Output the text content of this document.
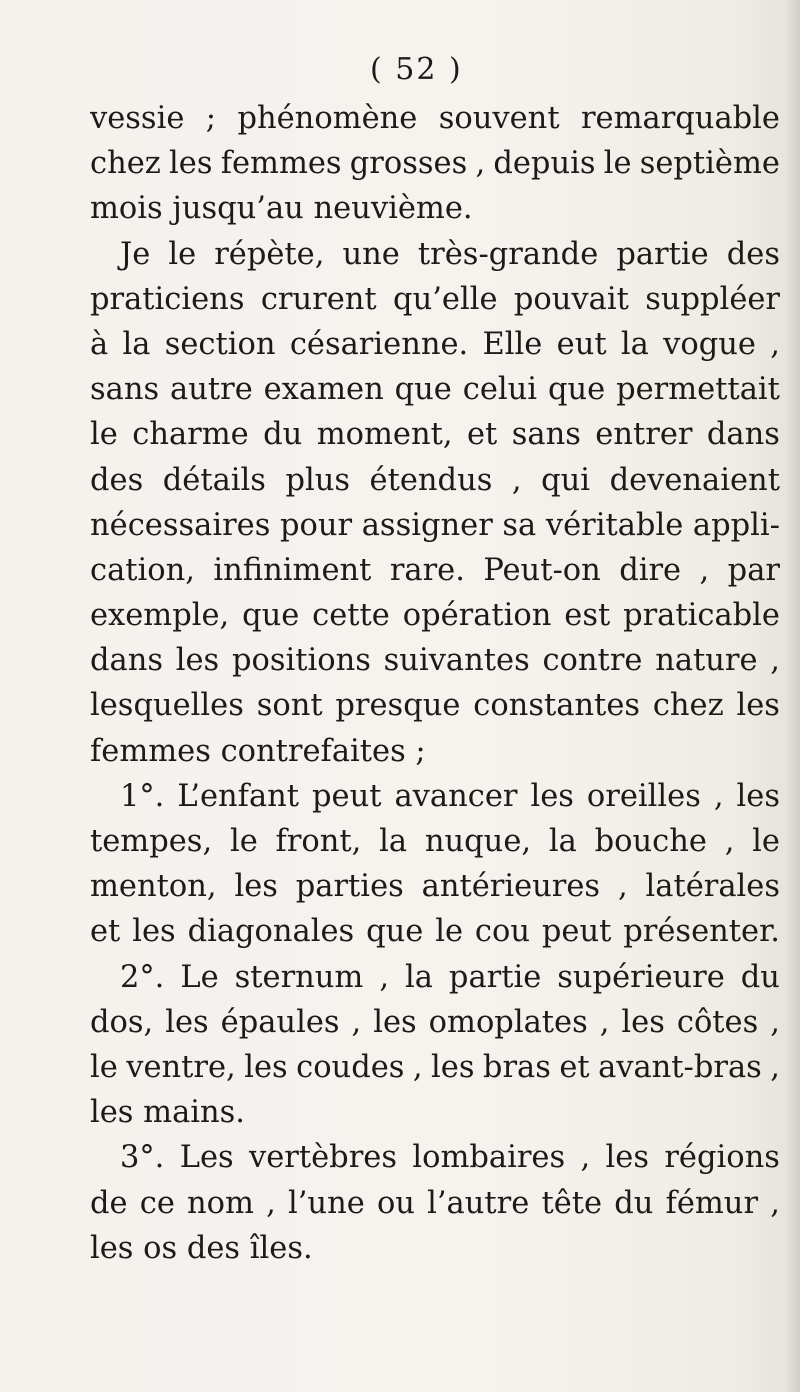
( 52 )
vessie ; phénomène souvent remarquable
chez les femmes grosses , depuis le septième
mois jusqu’au neuvième.
Je le répète, une très-grande partie des
praticiens crurent qu’elle pouvait suppléer
à la section césarienne. Elle eut la vogue ,
sans autre examen que celui que permettait
le charme du moment, et sans entrer dans
des détails plus étendus , qui devenaient
nécessaires pour assigner sa véritable appli-
cation, infiniment rare. Peut-on dire , par
exemple, que cette opération est praticable
dans les positions suivantes contre nature ,
lesquelles sont presque constantes chez les
femmes contrefaites ;
1°. L’enfant peut avancer les oreilles , les
tempes, le front, la nuque, la bouche , le
menton, les parties antérieures , latérales
et les diagonales que le cou peut présenter.
2°. Le sternum , la partie supérieure du
dos, les épaules , les omoplates , les côtes ,
le ventre, les coudes , les bras et avant-bras ,
les mains.
3°. Les vertèbres lombaires , les régions
de ce nom , l’une ou l’autre tête du fémur ,
les os des îles.
